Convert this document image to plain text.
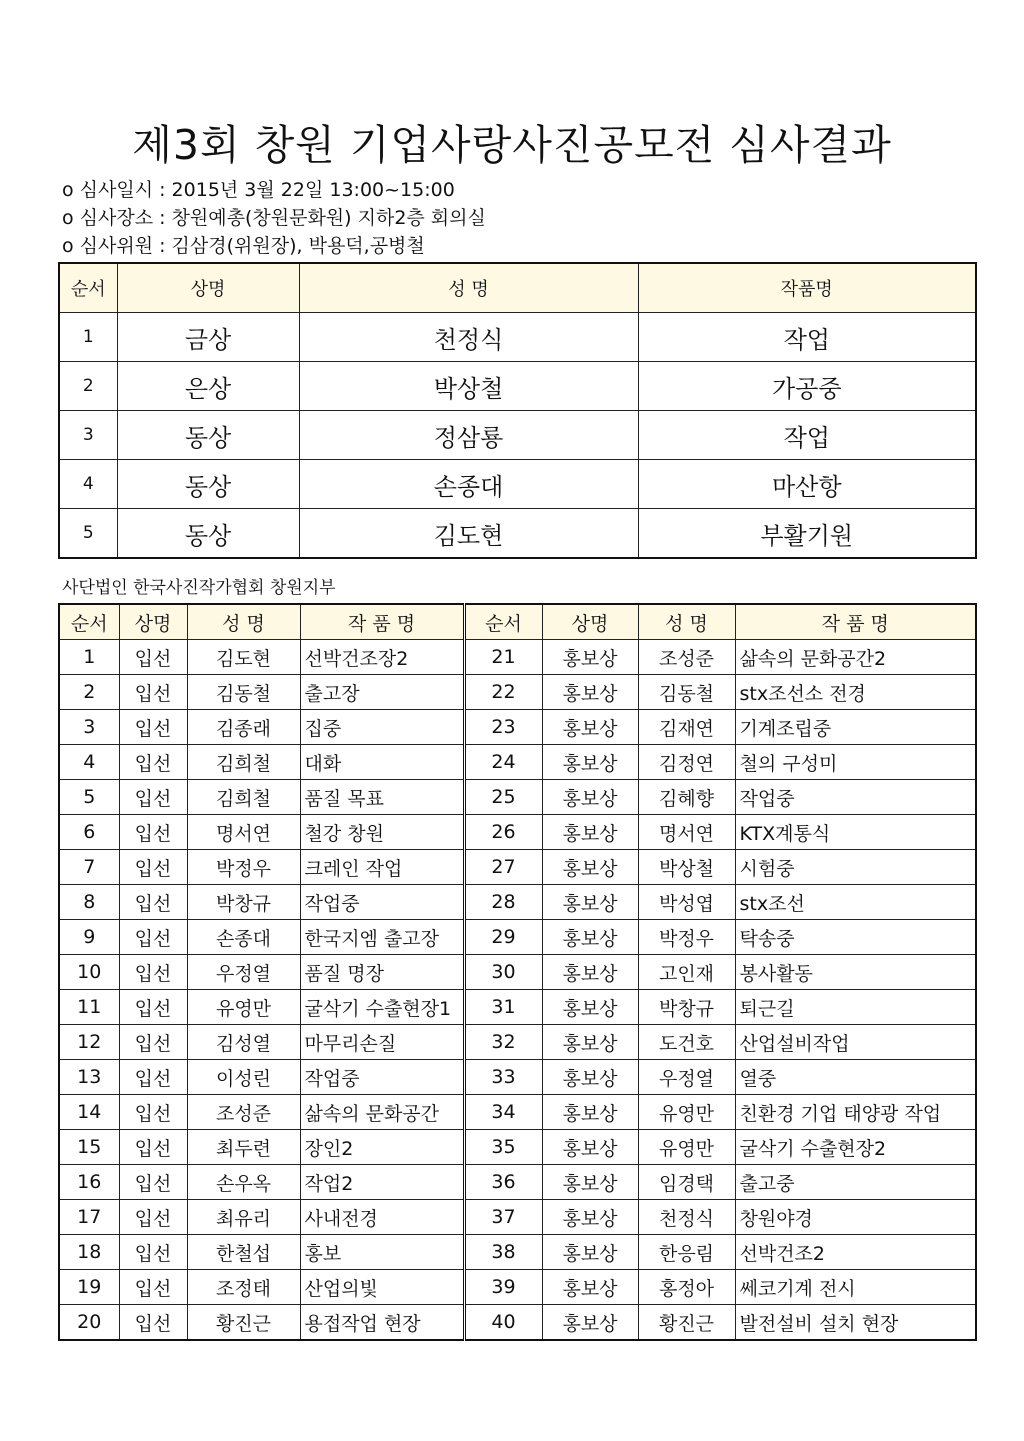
제3회 창원 기업사랑사진공모전 심사결과
o 심사일시 : 2015년 3월 22일 13:00~15:00
o 심사장소 : 창원예총(창원문화원) 지하2층 회의실
o 심사위원 : 김삼경(위원장), 박용덕,공병철
순서	상명	성 명	작품명
1	금상	천정식	작업
2	은상	박상철	가공중
3	동상	정삼룡	작업
4	동상	손종대	마산항
5	동상	김도현	부활기원
사단법인 한국사진작가협회 창원지부
순서	상명	성 명	작 품 명	순서	상명	성 명	작 품 명
1	입선	김도현	선박건조장2	21	홍보상	조성준	삶속의 문화공간2
2	입선	김동철	출고장	22	홍보상	김동철	stx조선소 전경
3	입선	김종래	집중	23	홍보상	김재연	기계조립중
4	입선	김희철	대화	24	홍보상	김정연	철의 구성미
5	입선	김희철	품질 목표	25	홍보상	김혜향	작업중
6	입선	명서연	철강 창원	26	홍보상	명서연	KTX계통식
7	입선	박정우	크레인 작업	27	홍보상	박상철	시험중
8	입선	박창규	작업중	28	홍보상	박성엽	stx조선
9	입선	손종대	한국지엠 출고장	29	홍보상	박정우	탁송중
10	입선	우정열	품질 명장	30	홍보상	고인재	봉사활동
11	입선	유영만	굴삭기 수출현장1	31	홍보상	박창규	퇴근길
12	입선	김성열	마무리손질	32	홍보상	도건호	산업설비작업
13	입선	이성린	작업중	33	홍보상	우정열	열중
14	입선	조성준	삶속의 문화공간	34	홍보상	유영만	친환경 기업 태양광 작업
15	입선	최두련	장인2	35	홍보상	유영만	굴삭기 수출현장2
16	입선	손우옥	작업2	36	홍보상	임경택	출고중
17	입선	최유리	사내전경	37	홍보상	천정식	창원야경
18	입선	한철섭	홍보	38	홍보상	한응림	선박건조2
19	입선	조정태	산업의빛	39	홍보상	홍정아	쎄코기계 전시
20	입선	황진근	용접작업 현장	40	홍보상	황진근	발전설비 설치 현장
